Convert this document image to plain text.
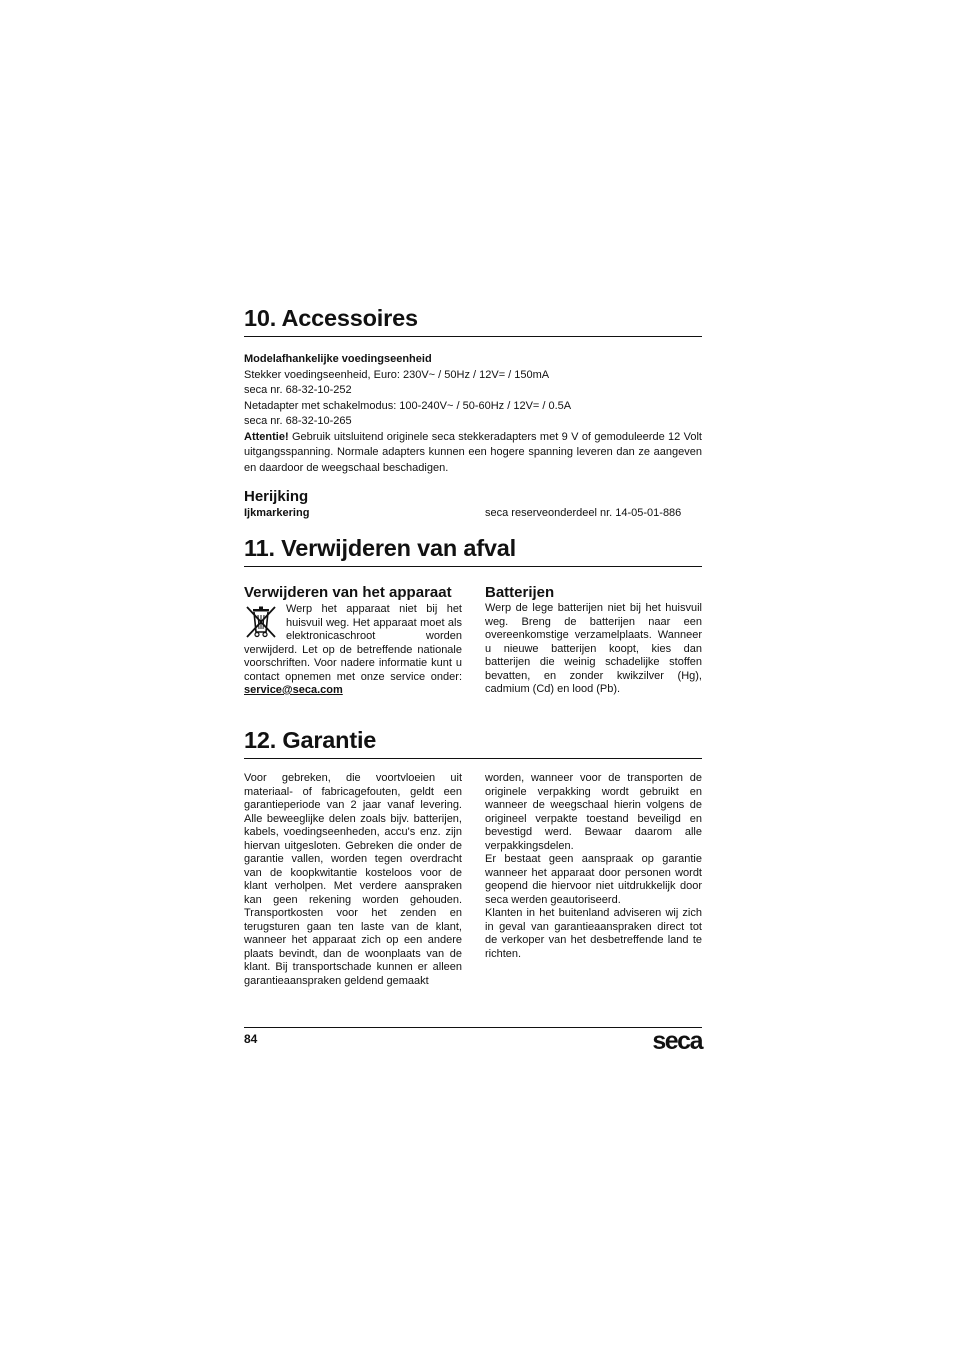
10. Accessoires
Modelafhankelijke voedingseenheid
Stekker voedingseenheid, Euro: 230V~ / 50Hz / 12V= / 150mA
seca nr. 68-32-10-252
Netadapter met schakelmodus: 100-240V~ / 50-60Hz / 12V= / 0.5A
seca nr. 68-32-10-265
Attentie! Gebruik uitsluitend originele seca stekkeradapters met 9 V of gemoduleerde 12 Volt uitgangsspanning. Normale adapters kunnen een hogere spanning leveren dan ze aangeven en daardoor de weegschaal beschadigen.
Herijking
Ijkmarkering	seca reserveonderdeel nr. 14-05-01-886
11. Verwijderen van afval
Verwijderen van het apparaat
Werp het apparaat niet bij het huisvuil weg. Het apparaat moet als elektronicaschroot worden verwijderd. Let op de betreffende nationale voorschriften. Voor nadere informatie kunt u contact opnemen met onze service onder: service@seca.com
Batterijen
Werp de lege batterijen niet bij het huisvuil weg. Breng de batterijen naar een overeenkomstige verzamelplaats. Wanneer u nieuwe batterijen koopt, kies dan batterijen die weinig schadelijke stoffen bevatten, en zonder kwikzilver (Hg), cadmium (Cd) en lood (Pb).
12. Garantie
Voor gebreken, die voortvloeien uit materiaal- of fabricagefouten, geldt een garantieperiode van 2 jaar vanaf levering. Alle beweeglijke delen zoals bijv. batterijen, kabels, voedingseenheden, accu's enz. zijn hiervan uitgesloten. Gebreken die onder de garantie vallen, worden tegen overdracht van de koopkwitantie kosteloos voor de klant verholpen. Met verdere aanspraken kan geen rekening worden gehouden. Transportkosten voor het zenden en terugsturen gaan ten laste van de klant, wanneer het apparaat zich op een andere plaats bevindt, dan de woonplaats van de klant. Bij transportschade kunnen er alleen garantieaanspraken geldend gemaakt
worden, wanneer voor de transporten de originele verpakking wordt gebruikt en wanneer de weegschaal hierin volgens de origineel verpakte toestand beveiligd en bevestigd werd. Bewaar daarom alle verpakkingsdelen.
Er bestaat geen aanspraak op garantie wanneer het apparaat door personen wordt geopend die hiervoor niet uitdrukkelijk door seca werden geautoriseerd.
Klanten in het buitenland adviseren wij zich in geval van garantieaanspraken direct tot de verkoper van het desbetreffende land te richten.
84	seca
